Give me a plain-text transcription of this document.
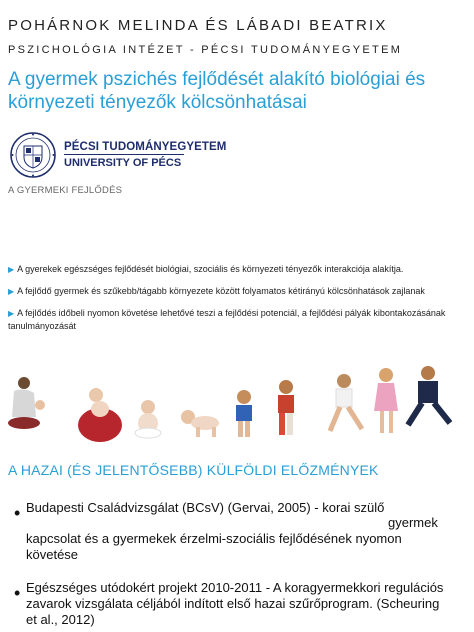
POHÁRNOK MELINDA ÉS LÁBADI BEATRIX
PSZICHOLÓGIA INTÉZET - PÉCSI TUDOMÁNYEGYETEM
A gyermek pszichés fejlődését alakító biológiai és környezeti tényezők kölcsönhatásai
PÉCSI TUDOMÁNYEGYETEM
UNIVERSITY OF PÉCS
A GYERMEKI FEJLŐDÉS
▶ A gyerekek egészséges fejlődését biológiai, szociális és környezeti tényezők interakciója alakítja.
▶ A fejlődő gyermek és szűkebb/tágabb környezete között folyamatos kétirányú kölcsönhatások zajlanak
▶ A fejlődés időbeli nyomon követése lehetővé teszi a fejlődési potenciál, a fejlődési pályák kibontakozásának tanulmányozását
A HAZAI (ÉS JELENTŐSEBB) KÜLFÖLDI ELŐZMÉNYEK
• Budapesti Családvizsgálat (BCsV) (Gervai, 2005) - korai szülő
gyermek
kapcsolat és a gyermekek érzelmi-szociális fejlődésének nyomon követése
• Egészséges utódokért projekt 2010-2011 - A koragyermekkori regulációs zavarok vizsgálata céljából indított első hazai szűrőprogram. (Scheuring et al., 2012)
